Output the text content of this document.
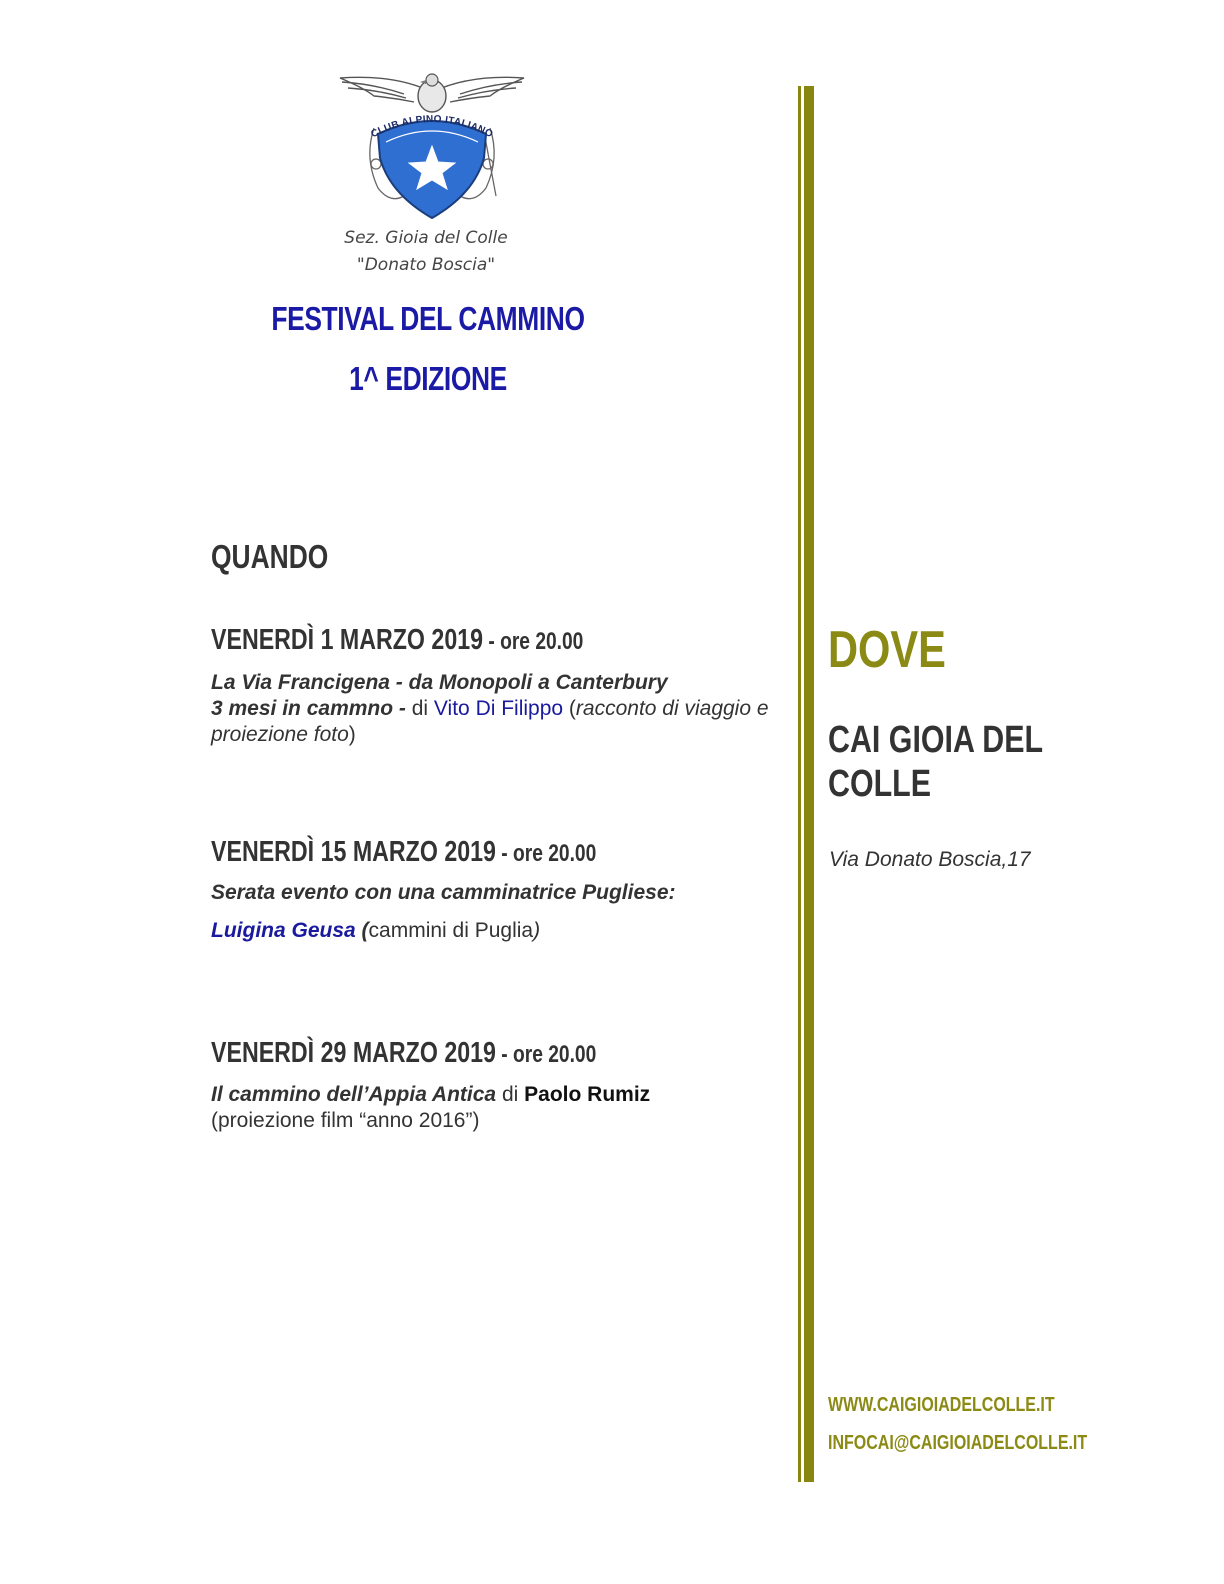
CLUB ALPINO ITALIANO
Sez. Gioia del Colle
"Donato Boscia"
FESTIVAL DEL CAMMINO
1^ EDIZIONE
QUANDO
VENERDÌ 1 MARZO 2019 - ore 20.00
La Via Francigena - da Monopoli a Canterbury
3 mesi in cammno - di Vito Di Filippo (racconto di viaggio e proiezione foto)
VENERDÌ 15 MARZO 2019 - ore 20.00
Serata evento con una camminatrice Pugliese:
Luigina Geusa (cammini di Puglia)
VENERDÌ 29 MARZO 2019 - ore 20.00
Il cammino dell’Appia Antica di Paolo Rumiz
(proiezione film “anno 2016”)
DOVE
CAI GIOIA DEL COLLE
Via Donato Boscia,17
WWW.CAIGIOIADELCOLLE.IT
INFOCAI@CAIGIOIADELCOLLE.IT
